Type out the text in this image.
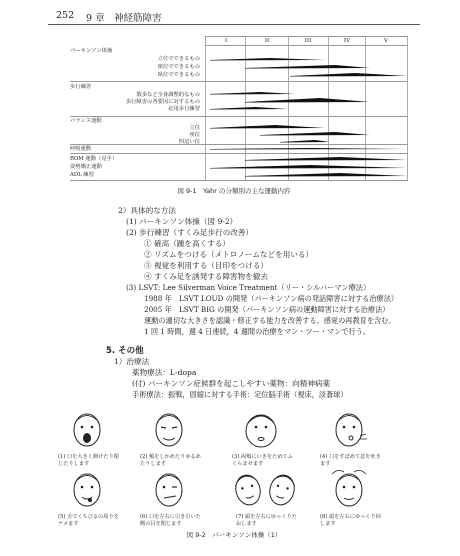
252 9 章　神経筋障害
I	II	III	IV	V
パーキンソン体操
立位でできるもの
座位でできるもの
臥位でできるもの
歩行練習
散歩など全身調整的なもの
歩行障害の各要因に対するもの
応用歩行練習
バランス運動
立位
座位
四這い位
呼吸運動
ROM 運動（見手）
姿勢矯正運動
ADL 練習
図 9-1　Yahr の分類別の主な運動内容
2）具体的な方法
(1) パーキンソン体操（図 9-2）
(2) 歩行練習（すくみ足歩行の改善）
① 確高（踵を高くする）
② リズムをつける（メトロノームなどを用いる）
③ 視覚を利用する（目印をつける）
④ すくみ足を誘発する障害物を撤去
(3) LSVT: Lee Silverman Voice Treatment（リー・シルバーマン療法）
1988 年　LSVT LOUD の開発（パーキンソン病の発話障害に対する治療法）
2005 年　LSVT BIG の開発（パーキンソン病の運動障害に対する治療法）
運動の適切な大きさを認識・修正する能力を改善する。感覚の再教育を含む。
1 回 1 時間，週 4 日連続，4 週間の治療をマン・ツー・マンで行う。
5. その他
1）治療法
薬物療法：L-dopa
(付) パーキンソン症候群を起こしやすい薬物：向精神病薬
手術療法：振戦，固縮に対する手術：定位脳手術（視床，淡蒼球）
(1) 口を大きく開けたり閉じたりします
(2) 頬をしかめたりゆるめたりします
(3) 両頬にいきをためてふくらませます
(4) 口をすぼめて息を吐きます
(5) 舌でくちびるの周りをナメます
(6) 口を左右に引き引いた側の目を閉じます
(7) 頭を左右にゆっくりたおします
(8) 頭を左右にゆっくり回します
図 9-2　パーキンソン体操（1）
